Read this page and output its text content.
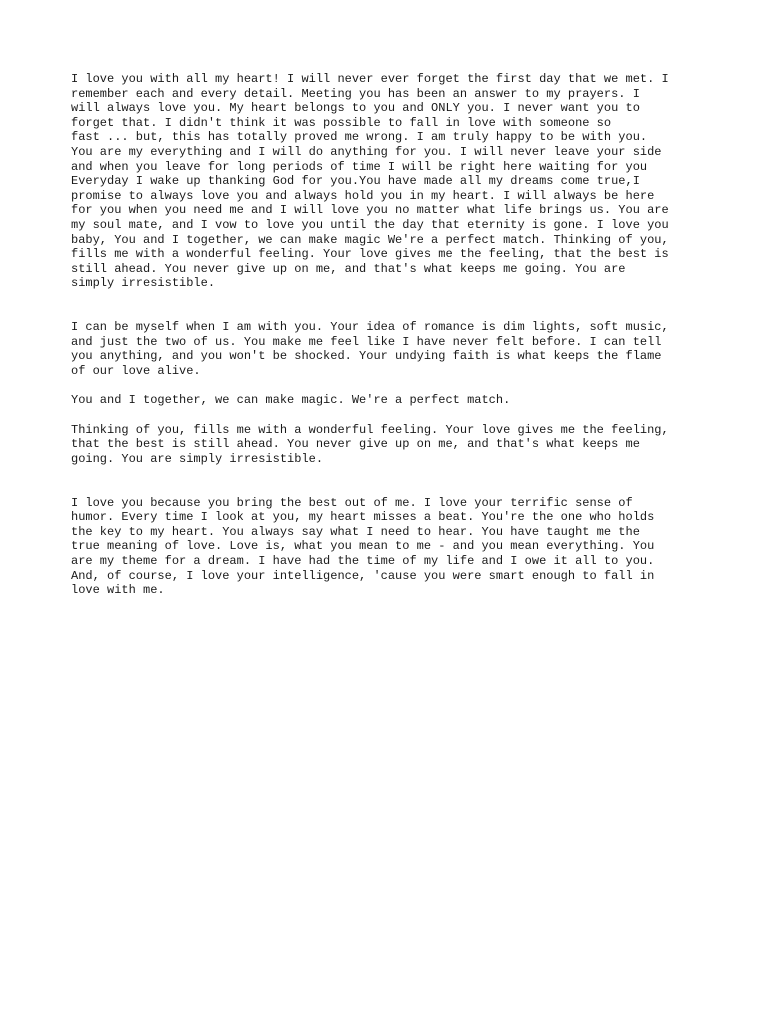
I love you with all my heart! I will never ever forget the first day that we met. I
remember each and every detail. Meeting you has been an answer to my prayers. I
will always love you. My heart belongs to you and ONLY you. I never want you to
forget that. I didn't think it was possible to fall in love with someone so
fast ... but, this has totally proved me wrong. I am truly happy to be with you.
You are my everything and I will do anything for you. I will never leave your side
and when you leave for long periods of time I will be right here waiting for you
Everyday I wake up thanking God for you.You have made all my dreams come true,I
promise to always love you and always hold you in my heart. I will always be here
for you when you need me and I will love you no matter what life brings us. You are
my soul mate, and I vow to love you until the day that eternity is gone. I love you
baby, You and I together, we can make magic We're a perfect match. Thinking of you,
fills me with a wonderful feeling. Your love gives me the feeling, that the best is
still ahead. You never give up on me, and that's what keeps me going. You are
simply irresistible.

I can be myself when I am with you. Your idea of romance is dim lights, soft music,
and just the two of us. You make me feel like I have never felt before. I can tell
you anything, and you won't be shocked. Your undying faith is what keeps the flame
of our love alive.

You and I together, we can make magic. We're a perfect match.

Thinking of you, fills me with a wonderful feeling. Your love gives me the feeling,
that the best is still ahead. You never give up on me, and that's what keeps me
going. You are simply irresistible.

I love you because you bring the best out of me. I love your terrific sense of
humor. Every time I look at you, my heart misses a beat. You're the one who holds
the key to my heart. You always say what I need to hear. You have taught me the
true meaning of love. Love is, what you mean to me - and you mean everything. You
are my theme for a dream. I have had the time of my life and I owe it all to you.
And, of course, I love your intelligence, 'cause you were smart enough to fall in
love with me.
